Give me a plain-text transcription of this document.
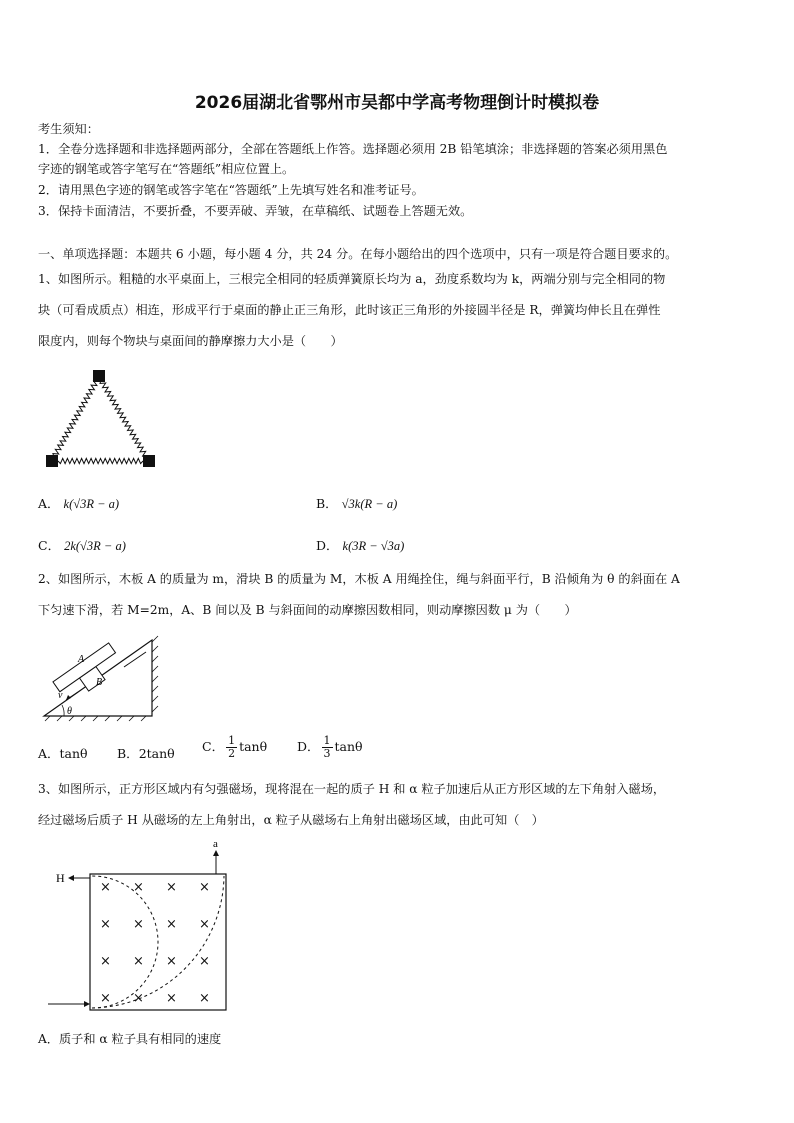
2026届湖北省鄂州市吴都中学高考物理倒计时模拟卷
考生须知：
1．全卷分选择题和非选择题两部分，全部在答题纸上作答。选择题必须用 2B 铅笔填涂；非选择题的答案必须用黑色
字迹的钢笔或答字笔写在“答题纸”相应位置上。
2．请用黑色字迹的钢笔或答字笔在“答题纸”上先填写姓名和准考证号。
3．保持卡面清洁，不要折叠，不要弄破、弄皱，在草稿纸、试题卷上答题无效。
一、单项选择题：本题共 6 小题，每小题 4 分，共 24 分。在每小题给出的四个选项中，只有一项是符合题目要求的。
1、如图所示。粗糙的水平桌面上，三根完全相同的轻质弹簧原长均为 a，劲度系数均为 k，两端分别与完全相同的物
块（可看成质点）相连，形成平行于桌面的静止正三角形，此时该正三角形的外接圆半径是 R，弹簧均伸长且在弹性
限度内，则每个物块与桌面间的静摩擦力大小是（　　）
A． k(√3R − a)	B． √3k(R − a)
C． 2k(√3R − a)	D． k(3R − √3a)
2、如图所示，木板 A 的质量为 m，滑块 B 的质量为 M，木板 A 用绳拴住，绳与斜面平行，B 沿倾角为 θ 的斜面在 A
下匀速下滑，若 M=2m，A、B 间以及 B 与斜面间的动摩擦因数相同，则动摩擦因数 μ 为（　　）
A
B
v
θ
A．tanθ B．2tanθ C． $\frac{1}{2}$ tanθ D． $\frac{1}{3}$ tanθ
3、如图所示，正方形区域内有匀强磁场，现将混在一起的质子 H 和 α 粒子加速后从正方形区域的左下角射入磁场，
经过磁场后质子 H 从磁场的左上角射出，α 粒子从磁场右上角射出磁场区域，由此可知（　）
× × × ×
× × × ×
× × × ×
× × × ×
H
a
A．质子和 α 粒子具有相同的速度
